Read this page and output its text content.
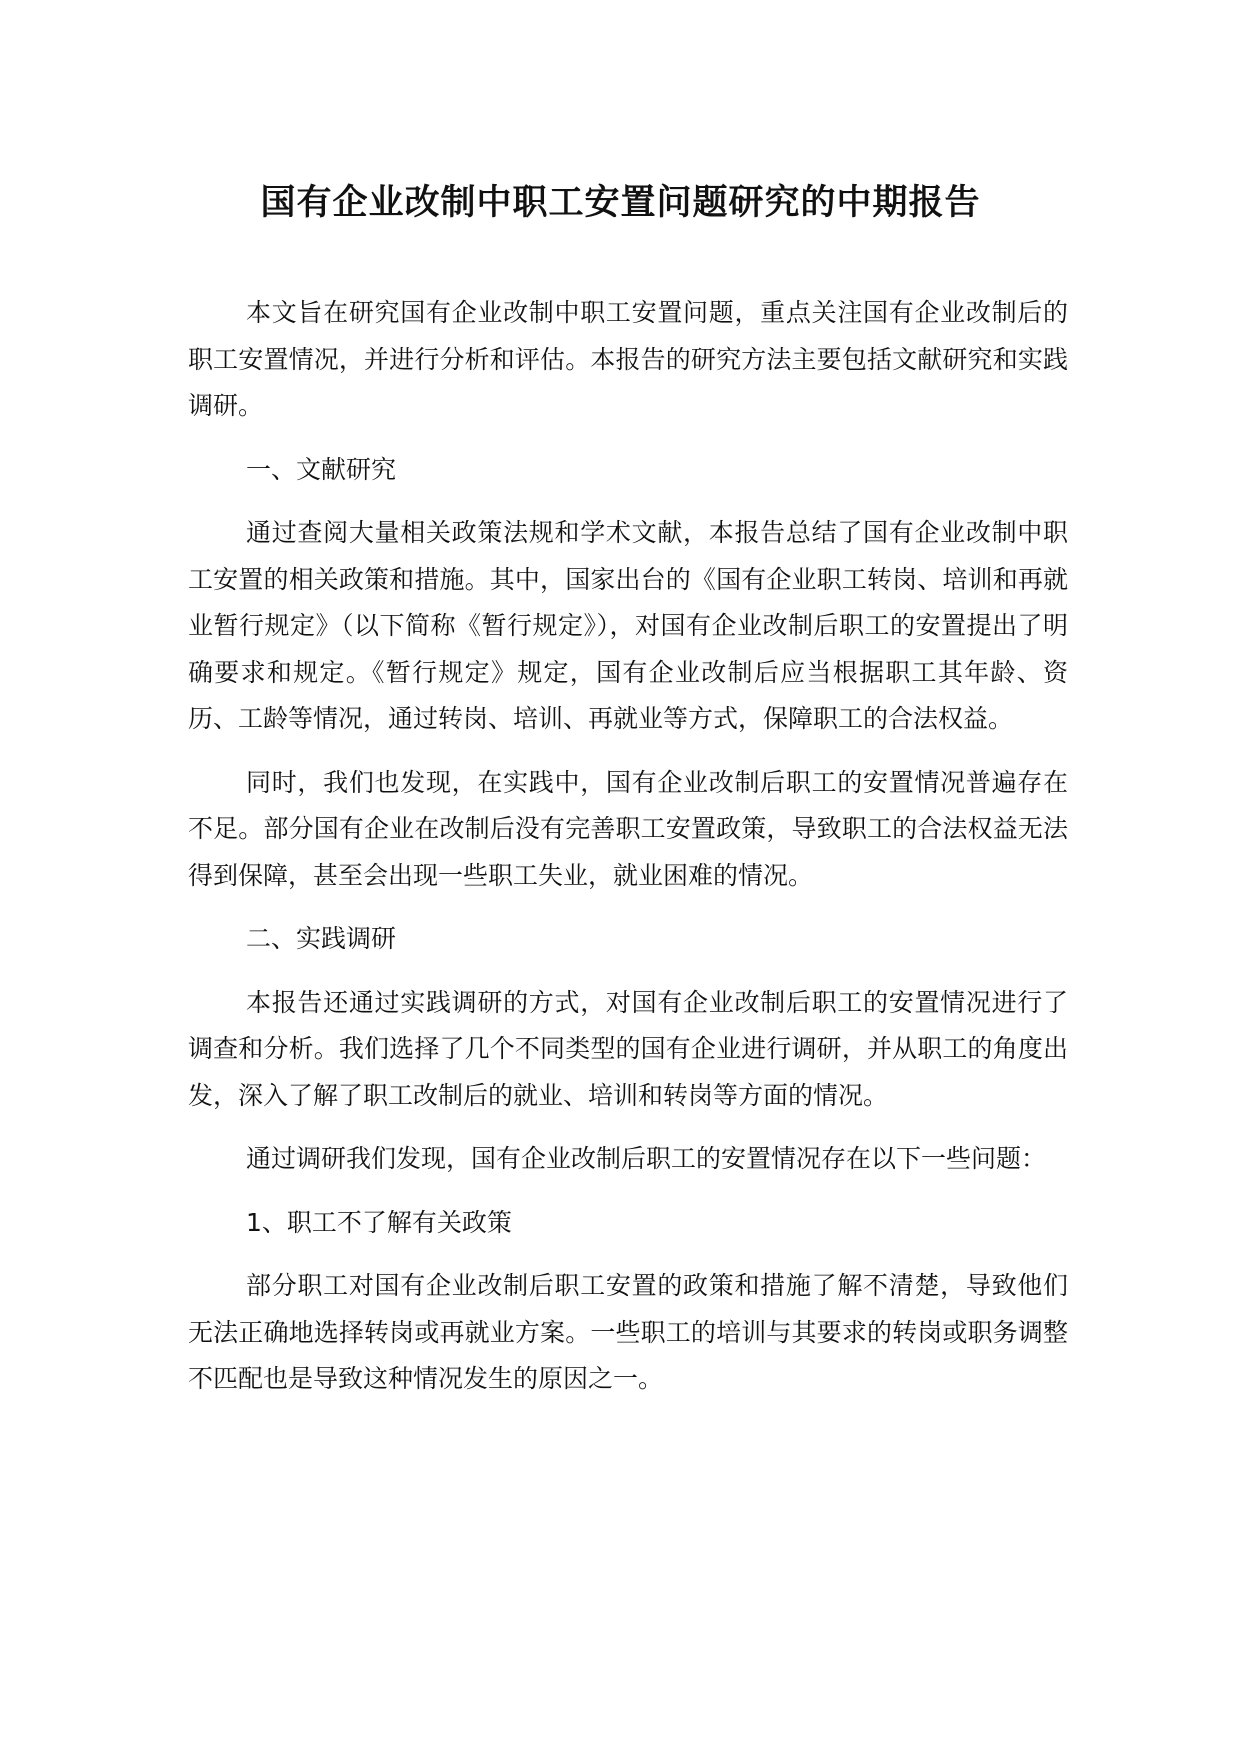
国有企业改制中职工安置问题研究的中期报告

本文旨在研究国有企业改制中职工安置问题，重点关注国有企业改制后的职工安置情况，并进行分析和评估。本报告的研究方法主要包括文献研究和实践调研。

一、文献研究

通过查阅大量相关政策法规和学术文献，本报告总结了国有企业改制中职工安置的相关政策和措施。其中，国家出台的《国有企业职工转岗、培训和再就业暂行规定》（以下简称《暂行规定》），对国有企业改制后职工的安置提出了明确要求和规定。《暂行规定》规定，国有企业改制后应当根据职工其年龄、资历、工龄等情况，通过转岗、培训、再就业等方式，保障职工的合法权益。

同时，我们也发现，在实践中，国有企业改制后职工的安置情况普遍存在不足。部分国有企业在改制后没有完善职工安置政策，导致职工的合法权益无法得到保障，甚至会出现一些职工失业，就业困难的情况。

二、实践调研

本报告还通过实践调研的方式，对国有企业改制后职工的安置情况进行了调查和分析。我们选择了几个不同类型的国有企业进行调研，并从职工的角度出发，深入了解了职工改制后的就业、培训和转岗等方面的情况。

通过调研我们发现，国有企业改制后职工的安置情况存在以下一些问题：

1、职工不了解有关政策

部分职工对国有企业改制后职工安置的政策和措施了解不清楚，导致他们无法正确地选择转岗或再就业方案。一些职工的培训与其要求的转岗或职务调整不匹配也是导致这种情况发生的原因之一。
